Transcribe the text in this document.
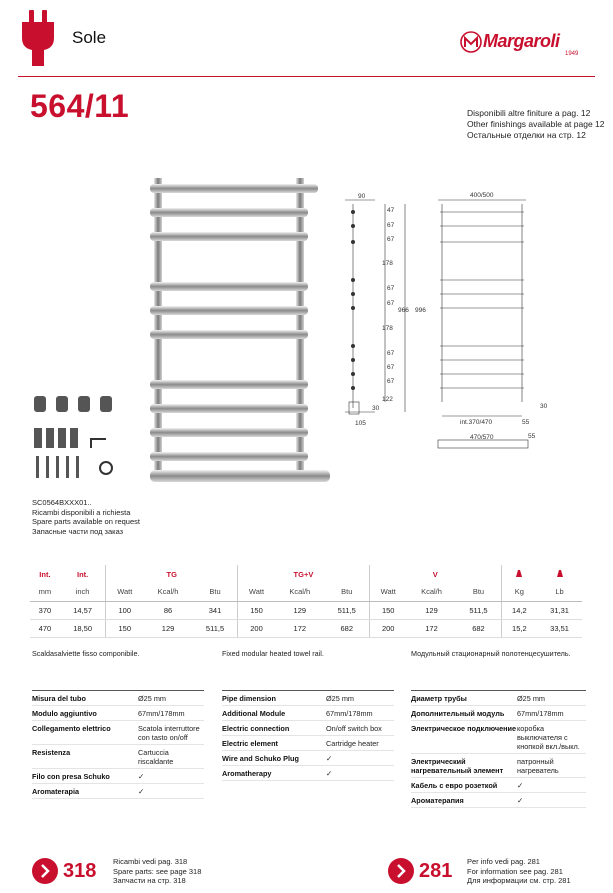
Sole	Margaroli
1949
564/11	Disponibili altre finiture a pag. 12
Other finishings available at page 12
Остальные отделки на стр. 12
90
47
67
67
178
67
67
178
67
67
67
122
30
966 996
105
400/500
int.370/470	55
30
470/570	55
SC0564BXXX01..
Ricambi disponibili a richiesta
Spare parts available on request
Запасные части под заказ
Int.	Int.	TG			TG+V			V		
mm	inch	Watt	Kcal/h	Btu	Watt	Kcal/h	Btu	Watt	Kcal/h	Btu	Kg	Lb
370	14,57	100	86	341	150	129	511,5	150	129	511,5	14,2	31,31
470	18,50	150	129	511,5	200	172	682	200	172	682	15,2	33,51
Scaldasalviette fisso componibile.	Fixed modular heated towel rail.	Модульный стационарный полотенцесушитель.
Misura del tubo	Ø25 mm
Modulo aggiuntivo	67mm/178mm
Collegamento elettrico	Scatola interruttore con tasto on/off
Resistenza	Cartuccia riscaldante
Filo con presa Schuko	✓
Aromaterapia	✓
Pipe dimension	Ø25 mm
Additional Module	67mm/178mm
Electric connection	On/off switch box
Electric element	Cartridge heater
Wire and Schuko Plug	✓
Aromatherapy	✓
Диаметр трубы	Ø25 mm
Дополнительный модуль	67mm/178mm
Электрическое подключение	коробка выключателя с кнопкой вкл./выкл.
Электрический нагревательный элемент	патронный нагреватель
Кабель с евро розеткой	✓
Ароматерапия	✓
318 Ricambi vedi pag. 318
Spare parts: see page 318
Запчасти на стр. 318	281 Per info vedi pag. 281
For information see pag. 281
Для информации см. стр. 281
